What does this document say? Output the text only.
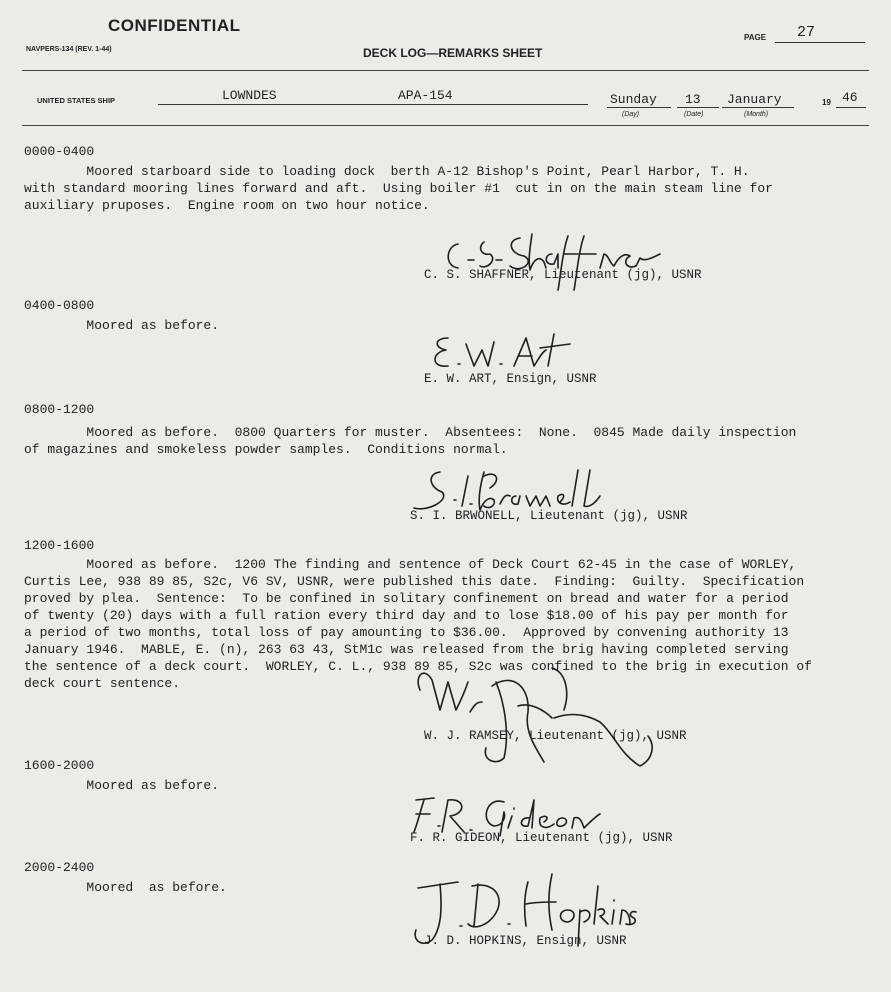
CONFIDENTIAL
NAVPERS-134 (REV. 1-44)	DECK LOG—REMARKS SHEET
PAGE 27
UNITED STATES SHIP	LOWNDES	APA-154	Sunday
(Day)
13
(Date)
January
(Month)
19 46
0000-0400
Moored starboard side to loading dock  berth A-12 Bishop's Point, Pearl Harbor, T. H.
with standard mooring lines forward and aft.  Using boiler #1  cut in on the main steam line for
auxiliary pruposes.  Engine room on two hour notice.
C. S. SHAFFNER, Lieutenant (jg), USNR
0400-0800
Moored as before.
E. W. ART, Ensign, USNR
0800-1200
Moored as before.  0800 Quarters for muster.  Absentees:  None.  0845 Made daily inspection
of magazines and smokeless powder samples.  Conditions normal.
S. I. BRWONELL, Lieutenant (jg), USNR
1200-1600
Moored as before.  1200 The finding and sentence of Deck Court 62-45 in the case of WORLEY,
Curtis Lee, 938 89 85, S2c, V6 SV, USNR, were published this date.  Finding:  Guilty.  Specification
proved by plea.  Sentence:  To be confined in solitary confinement on bread and water for a period
of twenty (20) days with a full ration every third day and to lose $18.00 of his pay per month for
a period of two months, total loss of pay amounting to $36.00.  Approved by convening authority 13
January 1946.  MABLE, E. (n), 263 63 43, StM1c was released from the brig having completed serving
the sentence of a deck court.  WORLEY, C. L., 938 89 85, S2c was confined to the brig in execution of
deck court sentence.
W. J. RAMSEY, Lieutenant (jg), USNR
1600-2000
Moored as before.
F. R. GIDEON, Lieutenant (jg), USNR
2000-2400
Moored  as before.
J. D. HOPKINS, Ensign, USNR
